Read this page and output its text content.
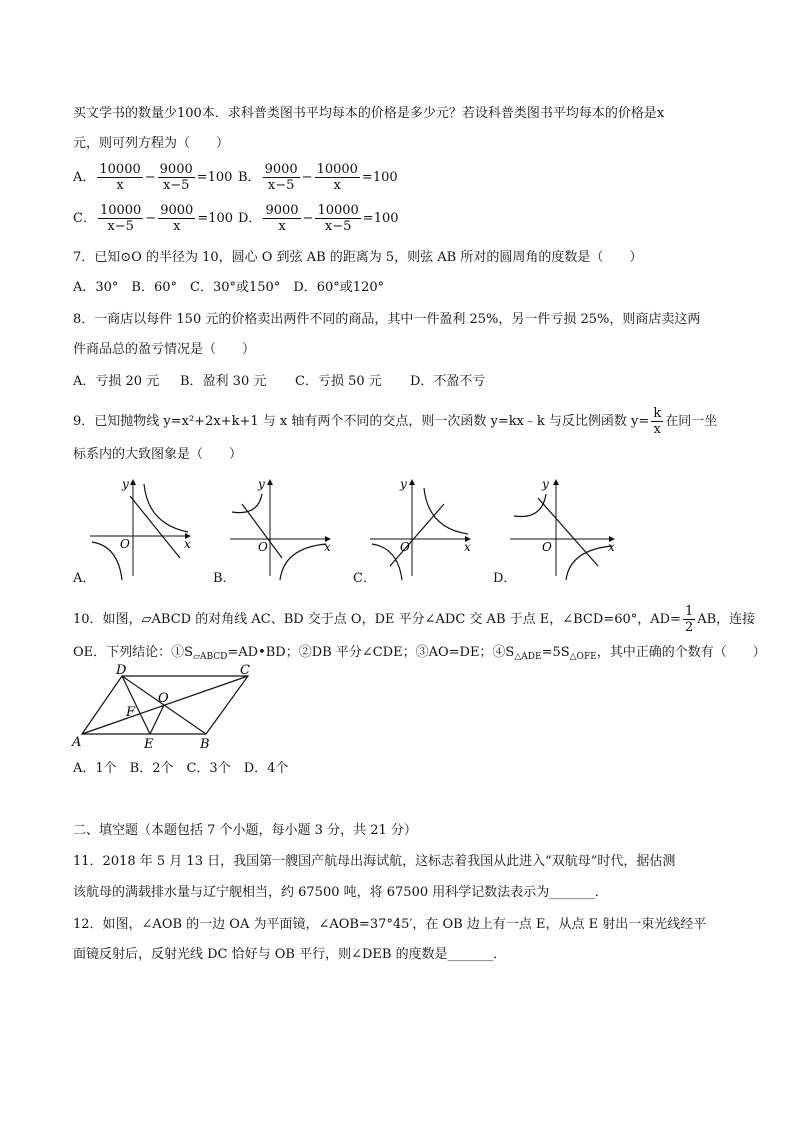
买文学书的数量少100本．求科普类图书平均每本的价格是多少元？若设科普类图书平均每本的价格是x
元，则可列方程为（　　）
A． $\frac{10000}{x} - \frac{9000}{x-5} =100$ B． $\frac{9000}{x-5} - \frac{10000}{x} =100$
C． $\frac{10000}{x-5} - \frac{9000}{x} =100$ D． $\frac{9000}{x} - \frac{10000}{x-5} =100$
7．已知⊙O 的半径为 10，圆心 O 到弦 AB 的距离为 5，则弦 AB 所对的圆周角的度数是（　　）
A．30°　B．60°　C．30°或150°　D．60°或120°
8．一商店以每件 150 元的价格卖出两件不同的商品，其中一件盈利 25%，另一件亏损 25%，则商店卖这两
件商品总的盈亏情况是（　　）
A．亏损 20 元 B．盈利 30 元 C．亏损 50 元 D．不盈不亏
9．已知抛物线 y=x²+2x+k+1 与 x 轴有两个不同的交点，则一次函数 y=kx﹣k 与反比例函数 $y= \frac{k}{x}$ 在同一坐
标系内的大致图象是（　　）
y
x
O
A．
y
x
O
B．
y
x
O
C．
y
x
O
D．
10．如图，▱ABCD 的对角线 AC、BD 交于点 O，DE 平分∠ADC 交 AB 于点 E，∠BCD=60°，$AD= \frac{1}{2}$ AB，连接
OE．下列结论：$①S_{▱ABCD}=AD•BD$；②DB 平分∠CDE；③AO=DE；$④S_{\triangle ADE}=5S_{\triangle OFE}$，其中正确的个数有（　　）
D	C
A	B
E
F
O
A．1个　B．2个　C．3个　D．4个
二、填空题（本题包括 7 个小题，每小题 3 分，共 21 分）
11．2018 年 5 月 13 日，我国第一艘国产航母出海试航，这标志着我国从此进入“双航母”时代，据估测
该航母的满载排水量与辽宁舰相当，约 67500 吨，将 67500 用科学记数法表示为_______．
12．如图，∠AOB 的一边 OA 为平面镜，∠AOB=37°45′，在 OB 边上有一点 E，从点 E 射出一束光线经平
面镜反射后，反射光线 DC 恰好与 OB 平行，则∠DEB 的度数是_______．
